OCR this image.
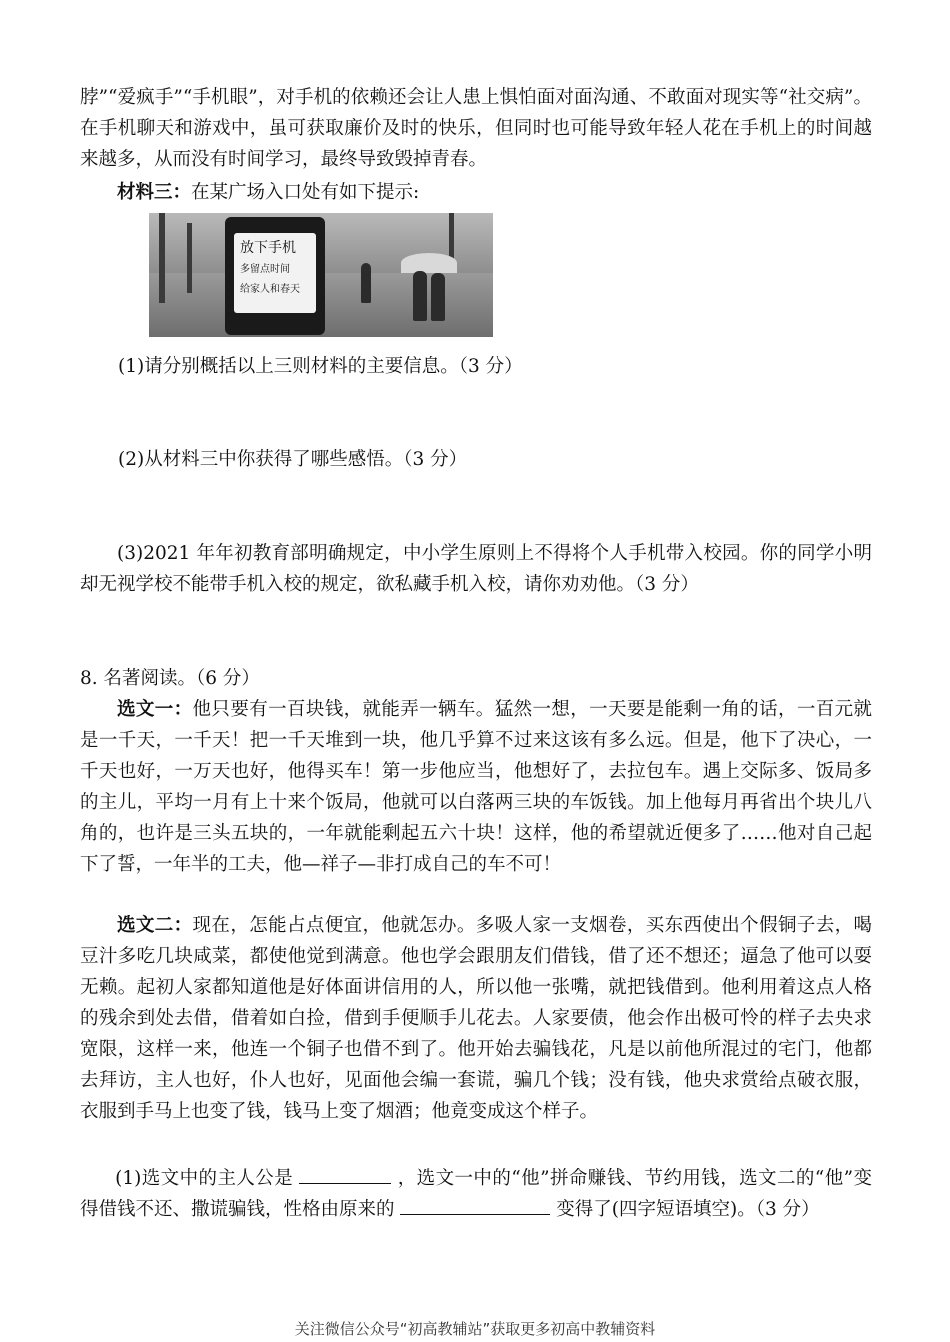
脖”“爱疯手”“手机眼”，对手机的依赖还会让人患上惧怕面对面沟通、不敢面对现实等“社交病”。在手机聊天和游戏中，虽可获取廉价及时的快乐，但同时也可能导致年轻人花在手机上的时间越来越多，从而没有时间学习，最终导致毁掉青春。
材料三：在某广场入口处有如下提示:
放下手机
多留点时间
给家人和春天
(1)请分别概括以上三则材料的主要信息。（3 分）
(2)从材料三中你获得了哪些感悟。（3 分）
(3)2021 年年初教育部明确规定，中小学生原则上不得将个人手机带入校园。你的同学小明却无视学校不能带手机入校的规定，欲私藏手机入校，请你劝劝他。（3 分）
8. 名著阅读。（6 分）
选文一：他只要有一百块钱，就能弄一辆车。猛然一想，一天要是能剩一角的话，一百元就是一千天，一千天！把一千天堆到一块，他几乎算不过来这该有多么远。但是，他下了决心，一千天也好，一万天也好，他得买车！第一步他应当，他想好了，去拉包车。遇上交际多、饭局多的主儿，平均一月有上十来个饭局，他就可以白落两三块的车饭钱。加上他每月再省出个块儿八角的，也许是三头五块的，一年就能剩起五六十块！这样，他的希望就近便多了……他对自己起下了誓，一年半的工夫，他—祥子—非打成自己的车不可！
选文二：现在，怎能占点便宜，他就怎办。多吸人家一支烟卷，买东西使出个假铜子去，喝豆汁多吃几块咸菜，都使他觉到满意。他也学会跟朋友们借钱，借了还不想还；逼急了他可以耍无赖。起初人家都知道他是好体面讲信用的人，所以他一张嘴，就把钱借到。他利用着这点人格的残余到处去借，借着如白捡，借到手便顺手儿花去。人家要债，他会作出极可怜的样子去央求宽限，这样一来，他连一个铜子也借不到了。他开始去骗钱花，凡是以前他所混过的宅门，他都去拜访，主人也好，仆人也好，见面他会编一套谎，骗几个钱；没有钱，他央求赏给点破衣服，衣服到手马上也变了钱，钱马上变了烟酒；他竟变成这个样子。
(1)选文中的主人公是	，选文一中的“他”拼命赚钱、节约用钱，选文二的“他”变得借钱不还、撒谎骗钱，性格由原来的	变得了(四字短语填空)。（3 分）
关注微信公众号“初高教辅站”获取更多初高中教辅资料
